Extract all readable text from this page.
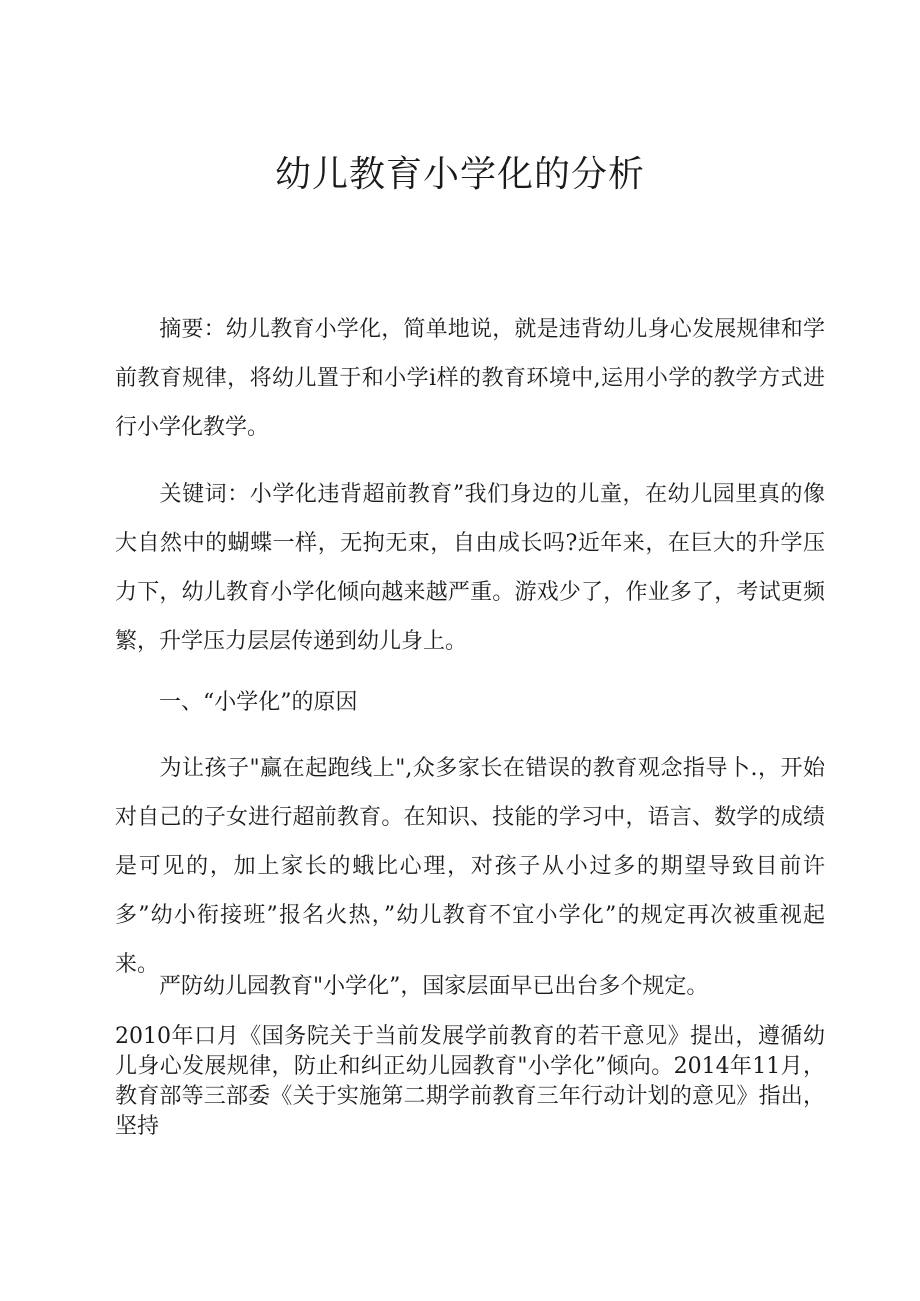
幼儿教育小学化的分析

摘要：幼儿教育小学化，简单地说，就是违背幼儿身心发展规律和学前教育规律，将幼儿置于和小学i样的教育环境中,运用小学的教学方式进行小学化教学。

关键词：小学化违背超前教育”我们身边的儿童，在幼儿园里真的像大自然中的蝴蝶一样，无拘无束，自由成长吗?近年来，在巨大的升学压力下，幼儿教育小学化倾向越来越严重。游戏少了，作业多了，考试更频繁，升学压力层层传递到幼儿身上。

一、“小学化”的原因

为让孩子"赢在起跑线上",众多家长在错误的教育观念指导卜.，开始对自己的子女进行超前教育。在知识、技能的学习中，语言、数学的成绩是可见的，加上家长的蛾比心理，对孩子从小过多的期望导致目前许多”幼小衔接班”报名火热，”幼儿教育不宜小学化”的规定再次被重视起来。

严防幼儿园教育"小学化”，国家层面早已出台多个规定。

2010年口月《国务院关于当前发展学前教育的若干意见》提出，遵循幼儿身心发展规律，防止和纠正幼儿园教育"小学化”倾向。2014年11月，教育部等三部委《关于实施第二期学前教育三年行动计划的意见》指出，坚持
